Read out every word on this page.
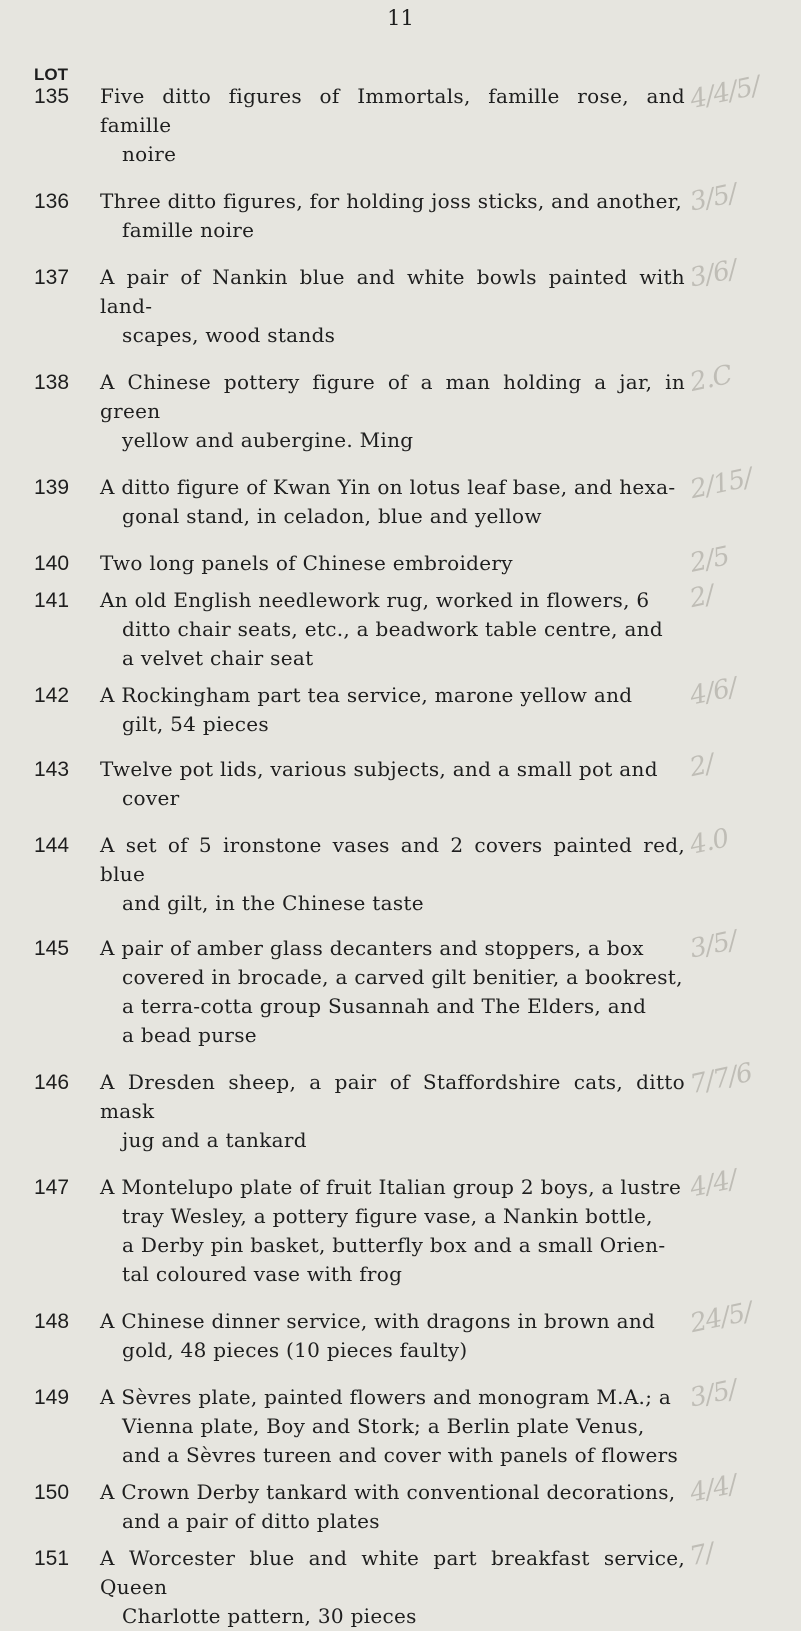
11
LOT
135 Five ditto figures of Immortals, famille rose, and famille
noire
4/4/5/
136 Three ditto figures, for holding joss sticks, and another,
famille noire
3/5/
137 A pair of Nankin blue and white bowls painted with land-
scapes, wood stands
3/6/
138 A Chinese pottery figure of a man holding a jar, in green
yellow and aubergine. Ming
2.C
139 A ditto figure of Kwan Yin on lotus leaf base, and hexa-
gonal stand, in celadon, blue and yellow
2/15/
140 Two long panels of Chinese embroidery	2/5
141 An old English needlework rug, worked in flowers, 6
ditto chair seats, etc., a beadwork table centre, and
a velvet chair seat
2/
142 A Rockingham part tea service, marone yellow and
gilt, 54 pieces
4/6/
143 Twelve pot lids, various subjects, and a small pot and
cover
2/
144 A set of 5 ironstone vases and 2 covers painted red, blue
and gilt, in the Chinese taste
4.0
145 A pair of amber glass decanters and stoppers, a box
covered in brocade, a carved gilt benitier, a bookrest,
a terra-cotta group Susannah and The Elders, and
a bead purse
3/5/
146 A Dresden sheep, a pair of Staffordshire cats, ditto mask
jug and a tankard
7/7/6
147 A Montelupo plate of fruit Italian group 2 boys, a lustre
tray Wesley, a pottery figure vase, a Nankin bottle,
a Derby pin basket, butterfly box and a small Orien-
tal coloured vase with frog
4/4/
148 A Chinese dinner service, with dragons in brown and
gold, 48 pieces (10 pieces faulty)
24/5/
149 A Sèvres plate, painted flowers and monogram M.A.; a
Vienna plate, Boy and Stork; a Berlin plate Venus,
and a Sèvres tureen and cover with panels of flowers
3/5/
150 A Crown Derby tankard with conventional decorations,
and a pair of ditto plates
4/4/
151 A Worcester blue and white part breakfast service, Queen
Charlotte pattern, 30 pieces
7/
